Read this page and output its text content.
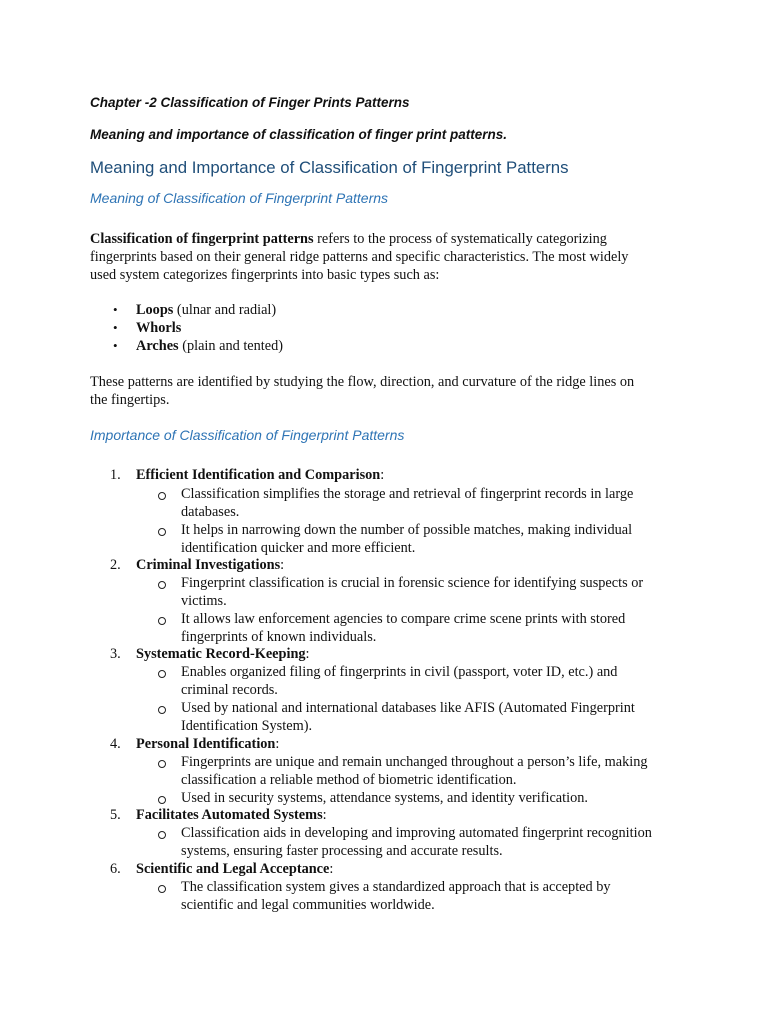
Chapter -2 Classification of Finger Prints Patterns
Meaning and importance of classification of finger print patterns.
Meaning and Importance of Classification of Fingerprint Patterns
Meaning of Classification of Fingerprint Patterns
Classification of fingerprint patterns refers to the process of systematically categorizing
fingerprints based on their general ridge patterns and specific characteristics. The most widely
used system categorizes fingerprints into basic types such as:
• Loops (ulnar and radial)
• Whorls
• Arches (plain and tented)
These patterns are identified by studying the flow, direction, and curvature of the ridge lines on
the fingertips.
Importance of Classification of Fingerprint Patterns
1. Efficient Identification and Comparison:
Classification simplifies the storage and retrieval of fingerprint records in large
databases.
It helps in narrowing down the number of possible matches, making individual
identification quicker and more efficient.
2. Criminal Investigations:
Fingerprint classification is crucial in forensic science for identifying suspects or
victims.
It allows law enforcement agencies to compare crime scene prints with stored
fingerprints of known individuals.
3. Systematic Record-Keeping:
Enables organized filing of fingerprints in civil (passport, voter ID, etc.) and
criminal records.
Used by national and international databases like AFIS (Automated Fingerprint
Identification System).
4. Personal Identification:
Fingerprints are unique and remain unchanged throughout a person’s life, making
classification a reliable method of biometric identification.
Used in security systems, attendance systems, and identity verification.
5. Facilitates Automated Systems:
Classification aids in developing and improving automated fingerprint recognition
systems, ensuring faster processing and accurate results.
6. Scientific and Legal Acceptance:
The classification system gives a standardized approach that is accepted by
scientific and legal communities worldwide.
